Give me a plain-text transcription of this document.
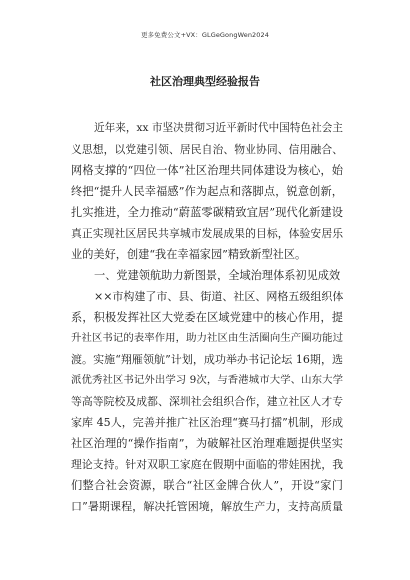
更多免费公文+VX：GLGeGongWen2024
社区治理典型经验报告
近年来，xx 市坚决贯彻习近平新时代中国特色社会主
义思想，以党建引领、居民自治、物业协同、信用融合、
网格支撑的“四位一体”社区治理共同体建设为核心，始
终把“提升人民幸福感”作为起点和落脚点，锐意创新，
扎实推进，全力推动“蔚蓝零碳精致宜居”现代化新建设
真正实现社区居民共享城市发展成果的目标，体验安居乐
业的美好，创建“我在幸福家园”精致新型社区。
一、党建领航助力新图景，全域治理体系初见成效
××市构建了市、县、街道、社区、网格五级组织体
系，积极发挥社区大党委在区域党建中的核心作用，提
升社区书记的表率作用，助力社区由生活圈向生产圈功能过
渡。实施“翔雁领航”计划，成功举办书记论坛 16期，选
派优秀社区书记外出学习 9次，与香港城市大学、山东大学
等高等院校及成都、深圳社会组织合作，建立社区人才专
家库 45人，完善并推广社区治理“赛马打擂”机制，形成
社区治理的“操作指南”，为破解社区治理难题提供坚实
理论支持。针对双职工家庭在假期中面临的带娃困扰，我
们整合社会资源，联合“社区金牌合伙人”，开设“家门
口”暑期课程，解决托管困境，解放生产力，支持高质量
